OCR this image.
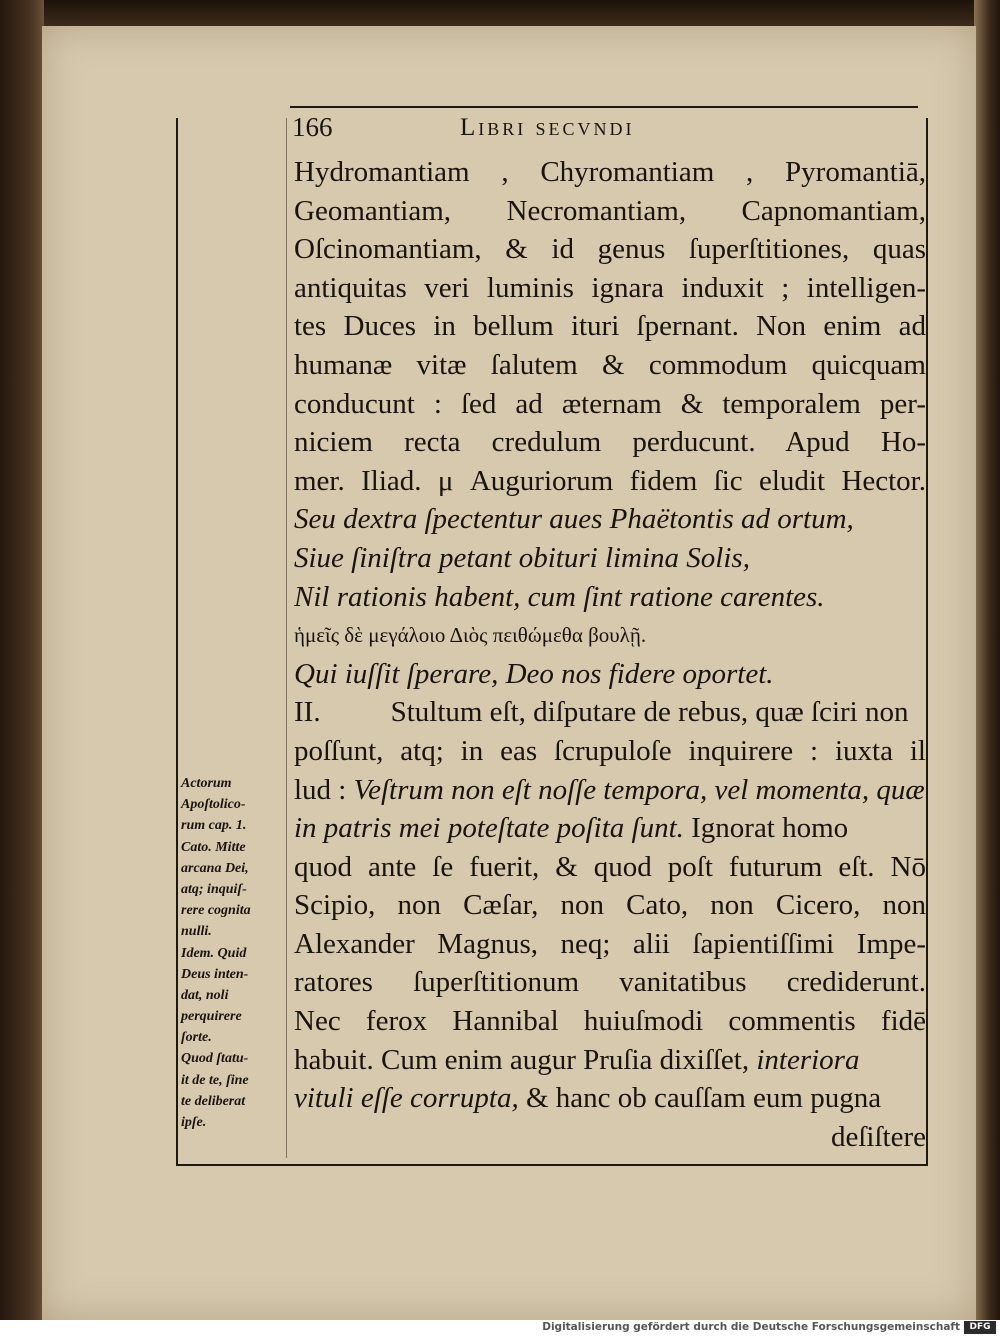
166	Libri secvndi
Hydromantiam , Chyromantiam , Pyromantiā,
Geomantiam, Necromantiam, Capnomantiam,
Oſcinomantiam, & id genus ſuperſtitiones, quas
antiquitas veri luminis ignara induxit ; intelligen-
tes Duces in bellum ituri ſpernant. Non enim ad
humanæ vitæ ſalutem & commodum quicquam
conducunt : ſed ad æternam & temporalem per-
niciem recta credulum perducunt. Apud Ho-
mer. Iliad. μ Auguriorum fidem ſic eludit Hector.
Seu dextra ſpectentur aues Phaëtontis ad ortum,
Siue ſiniſtra petant obituri limina Solis,
Nil rationis habent, cum ſint ratione carentes.
ἡμεῖς δὲ μεγάλοιο Διὸς πειθώμεθα βουλῇ.
Qui iuſſit ſperare, Deo nos fidere oportet.
II. Stultum eſt, diſputare de rebus, quæ ſciri non
poſſunt, atq; in eas ſcrupuloſe inquirere : iuxta il
lud : Veſtrum non eſt noſſe tempora, vel momenta, quæ
in patris mei poteſtate poſita ſunt. Ignorat homo
quod ante ſe fuerit, & quod poſt futurum eſt. Nō
Scipio, non Cæſar, non Cato, non Cicero, non
Alexander Magnus, neq; alii ſapientiſſimi Impe-
ratores ſuperſtitionum vanitatibus crediderunt.
Nec ferox Hannibal huiuſmodi commentis fidē
habuit. Cum enim augur Pruſia dixiſſet, interiora
vituli eſſe corrupta, & hanc ob cauſſam eum pugna
deſiſtere
Actorum
Apoſtolico-
rum cap. 1.
Cato. Mitte
arcana Dei,
atq; inquiſ-
rere cognita
nulli.
Idem. Quid
Deus inten-
dat, noli
perquirere
ſorte.
Quod ſtatu-
it de te, ſine
te deliberat
ipſe.
Digitalisierung gefördert durch die Deutsche Forschungsgemeinschaft	DFG
